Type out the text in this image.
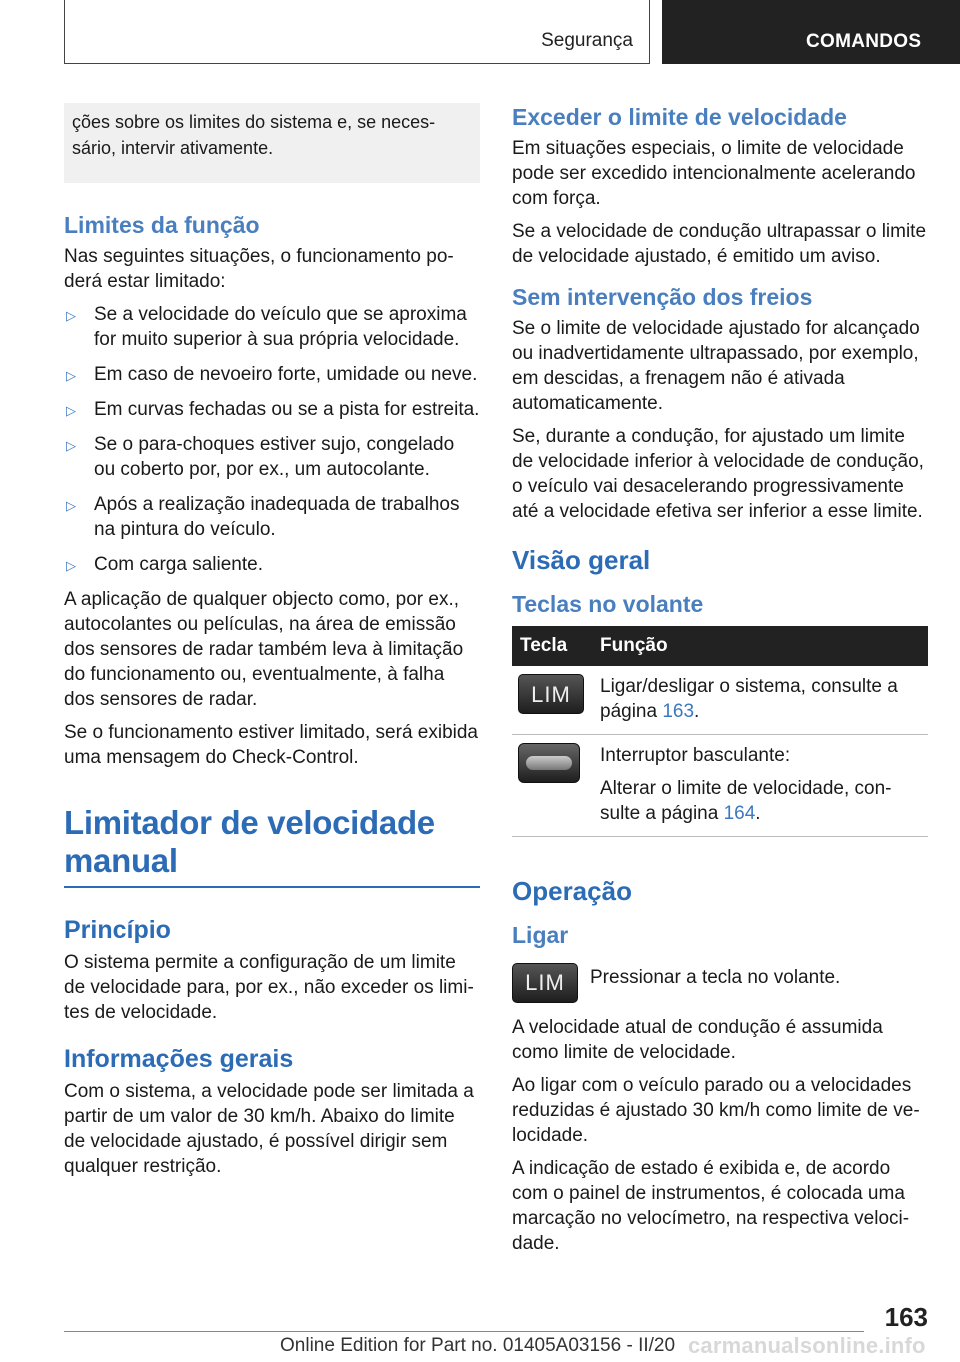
Segurança	COMANDOS
ções sobre os limites do sistema e, se necessário, intervir ativamente.
Limites da função

Nas seguintes situações, o funcionamento poderá estar limitado:

▷ Se a velocidade do veículo que se aproxima for muito superior à sua própria velocidade.
▷ Em caso de nevoeiro forte, umidade ou neve.
▷ Em curvas fechadas ou se a pista for estreita.
▷ Se o para-choques estiver sujo, congelado ou coberto por, por ex., um autocolante.
▷ Após a realização inadequada de trabalhos na pintura do veículo.
▷ Com carga saliente.

A aplicação de qualquer objecto como, por ex., autocolantes ou películas, na área de emissão dos sensores de radar também leva à limitação do funcionamento ou, eventualmente, à falha dos sensores de radar.

Se o funcionamento estiver limitado, será exibida uma mensagem do Check-Control.

Limitador de velocidade manual
Princípio

O sistema permite a configuração de um limite de velocidade para, por ex., não exceder os limites de velocidade.

Informações gerais

Com o sistema, a velocidade pode ser limitada a partir de um valor de 30 km/h. Abaixo do limite de velocidade ajustado, é possível dirigir sem qualquer restrição.

Exceder o limite de velocidade

Em situações especiais, o limite de velocidade pode ser excedido intencionalmente acelerando com força.

Se a velocidade de condução ultrapassar o limite de velocidade ajustado, é emitido um aviso.

Sem intervenção dos freios

Se o limite de velocidade ajustado for alcançado ou inadvertidamente ultrapassado, por exemplo, em descidas, a frenagem não é ativada automaticamente.

Se, durante a condução, for ajustado um limite de velocidade inferior à velocidade de condução, o veículo vai desacelerando progressivamente até a velocidade efetiva ser inferior a esse limite.

Visão geral
Teclas no volante
Tecla	Função

LIM	Ligar/desligar o sistema, consulte a página 163.

	Interruptor basculante:
Alterar o limite de velocidade, consulte a página 164.
Operação
Ligar
LIM	Pressionar a tecla no volante.

A velocidade atual de condução é assumida como limite de velocidade.

Ao ligar com o veículo parado ou a velocidades reduzidas é ajustado 30 km/h como limite de velocidade.

A indicação de estado é exibida e, de acordo com o painel de instrumentos, é colocada uma marcação no velocímetro, na respectiva velocidade.

163
Online Edition for Part no. 01405A03156 - II/20 carmanualsonline.info
